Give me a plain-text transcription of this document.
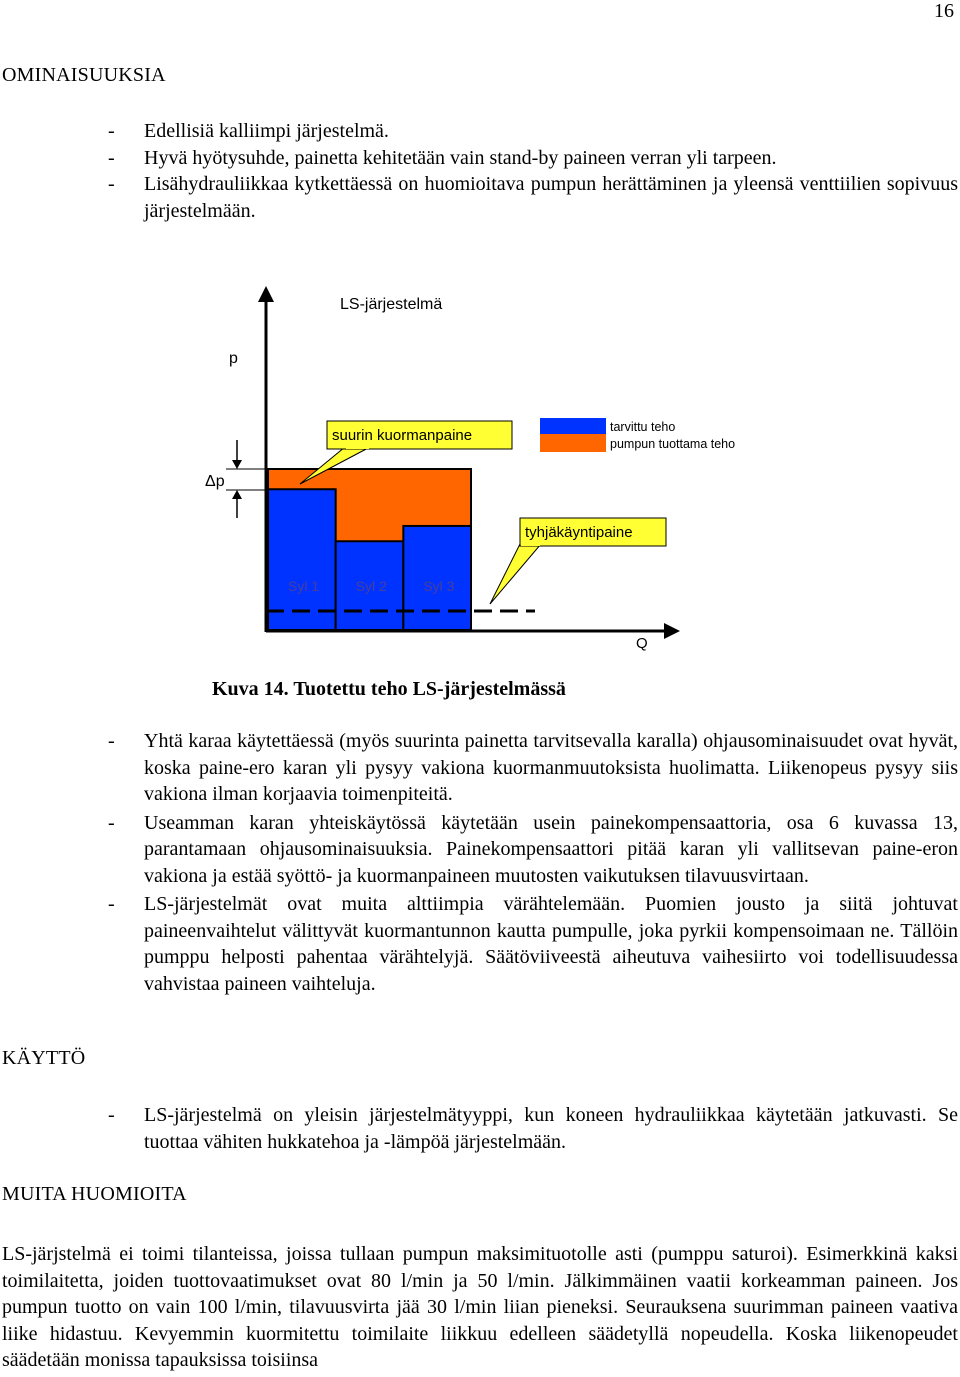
16
OMINAISUUKSIA
- Edellisiä kalliimpi järjestelmä.
- Hyvä hyötysuhde, painetta kehitetään vain stand-by paineen verran yli tarpeen.
- Lisähydrauliikkaa kytkettäessä on huomioitava pumpun herättäminen ja yleensä venttiilien sopivuus järjestelmään.
LS-järjestelmä
p
Q
Δp
Syl 1	Syl 2	Syl 3
suurin kuormanpaine
tyhjäkäyntipaine
tarvittu teho
pumpun tuottama teho
Kuva 14. Tuotettu teho LS-järjestelmässä
- Yhtä karaa käytettäessä (myös suurinta painetta tarvitsevalla karalla) ohjausominaisuudet ovat hyvät, koska paine-ero karan yli pysyy vakiona kuormanmuutoksista huolimatta. Liikenopeus pysyy siis vakiona ilman korjaavia toimenpiteitä.
- Useamman karan yhteiskäytössä käytetään usein painekompensaattoria, osa 6 kuvassa 13, parantamaan ohjausominaisuuksia. Painekompensaattori pitää karan yli vallitsevan paine-eron vakiona ja estää syöttö- ja kuormanpaineen muutosten vaikutuksen tilavuusvirtaan.
- LS-järjestelmät ovat muita alttiimpia värähtelemään. Puomien jousto ja siitä johtuvat paineenvaihtelut välittyvät kuormantunnon kautta pumpulle, joka pyrkii kompensoimaan ne. Tällöin pumppu helposti pahentaa värähtelyjä. Säätöviiveestä aiheutuva vaihesiirto voi todellisuudessa vahvistaa paineen vaihteluja.
KÄYTTÖ
- LS-järjestelmä on yleisin järjestelmätyyppi, kun koneen hydrauliikkaa käytetään jatkuvasti. Se tuottaa vähiten hukkatehoa ja -lämpöä järjestelmään.
MUITA HUOMIOITA
LS-järjstelmä ei toimi tilanteissa, joissa tullaan pumpun maksimituotolle asti (pumppu saturoi). Esimerkkinä kaksi toimilaitetta, joiden tuottovaatimukset ovat 80 l/min ja 50 l/min. Jälkimmäinen vaatii korkeamman paineen. Jos pumpun tuotto on vain 100 l/min, tilavuusvirta jää 30 l/min liian pieneksi. Seurauksena suurimman paineen vaativa liike hidastuu. Kevyemmin kuormitettu toimilaite liikkuu edelleen säädetyllä nopeudella. Koska liikenopeudet säädetään monissa tapauksissa toisiinsa
